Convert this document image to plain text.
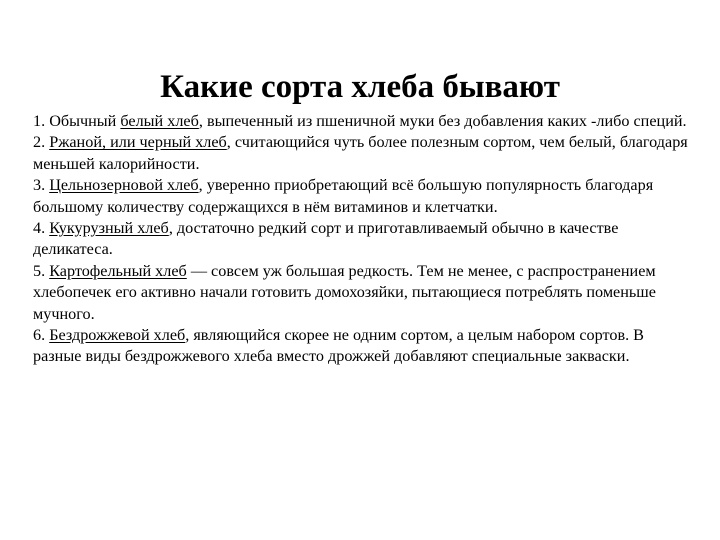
Какие сорта хлеба бывают

1. Обычный белый хлеб, выпеченный из пшеничной муки без добавления каких -либо специй.

2. Ржаной, или черный хлеб, считающийся чуть более полезным сортом, чем белый, благодаря меньшей калорийности.

3. Цельнозерновой хлеб, уверенно приобретающий всё большую популярность благодаря большому количеству содержащихся в нём витаминов и клетчатки.

4. Кукурузный хлеб, достаточно редкий сорт и приготавливаемый обычно в качестве деликатеса.

5. Картофельный хлеб — совсем уж большая редкость. Тем не менее, с распространением хлебопечек его активно начали готовить домохозяйки, пытающиеся потреблять поменьше мучного.

6. Бездрожжевой хлеб, являющийся скорее не одним сортом, а целым набором сортов. В разные виды бездрожжевого хлеба вместо дрожжей добавляют специальные закваски.
